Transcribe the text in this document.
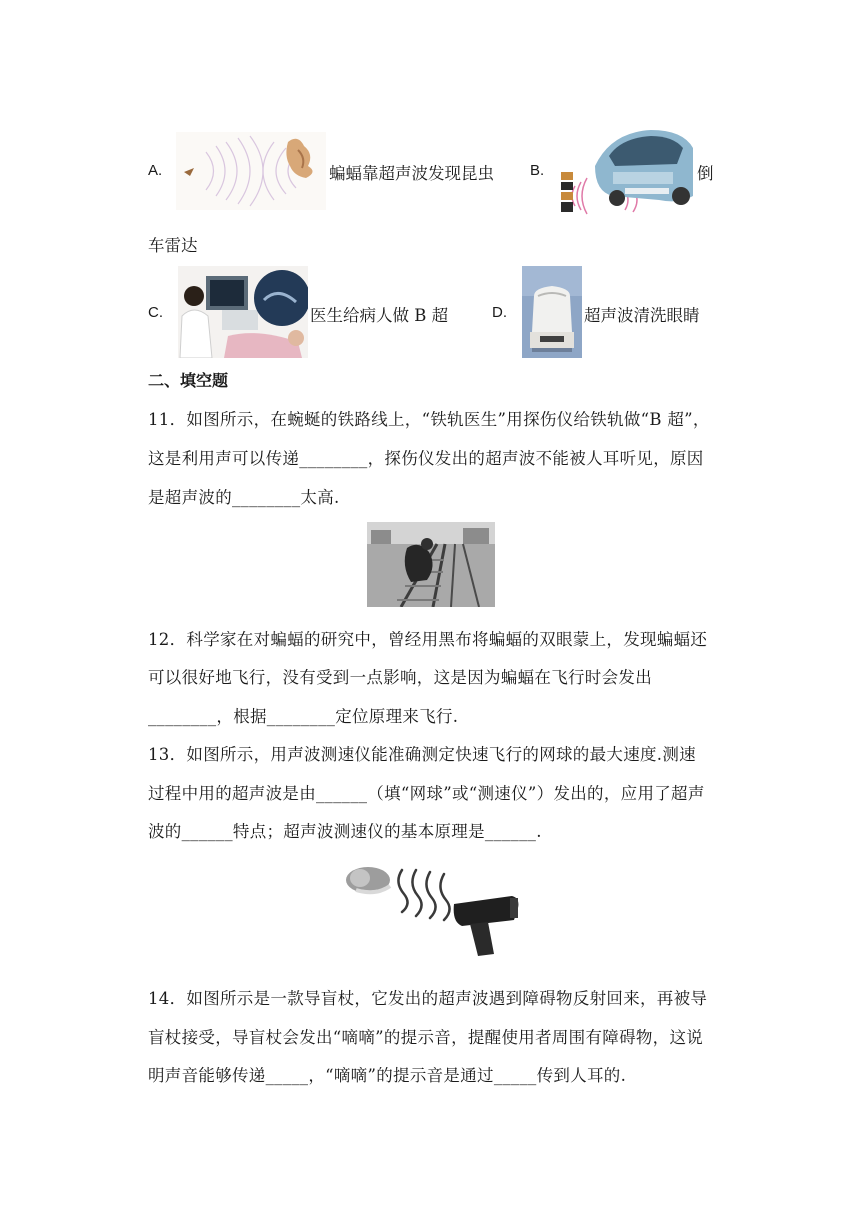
A.	蝙蝠靠超声波发现昆虫 B.	倒
车雷达
C.	医生给病人做 B 超	D.	超声波清洗眼睛
二、填空题
11．如图所示，在蜿蜒的铁路线上，“铁轨医生”用探伤仪给铁轨做“B 超”，
这是利用声可以传递________，探伤仪发出的超声波不能被人耳听见，原因
是超声波的________太高.
12．科学家在对蝙蝠的研究中，曾经用黑布将蝙蝠的双眼蒙上，发现蝙蝠还
可以很好地飞行，没有受到一点影响，这是因为蝙蝠在飞行时会发出
________，根据________定位原理来飞行.
13．如图所示，用声波测速仪能准确测定快速飞行的网球的最大速度.测速
过程中用的超声波是由______（填“网球”或“测速仪”）发出的，应用了超声
波的______特点；超声波测速仪的基本原理是______.
14．如图所示是一款导盲杖，它发出的超声波遇到障碍物反射回来，再被导
盲杖接受，导盲杖会发出“嘀嘀”的提示音，提醒使用者周围有障碍物，这说
明声音能够传递_____，“嘀嘀”的提示音是通过_____传到人耳的.
